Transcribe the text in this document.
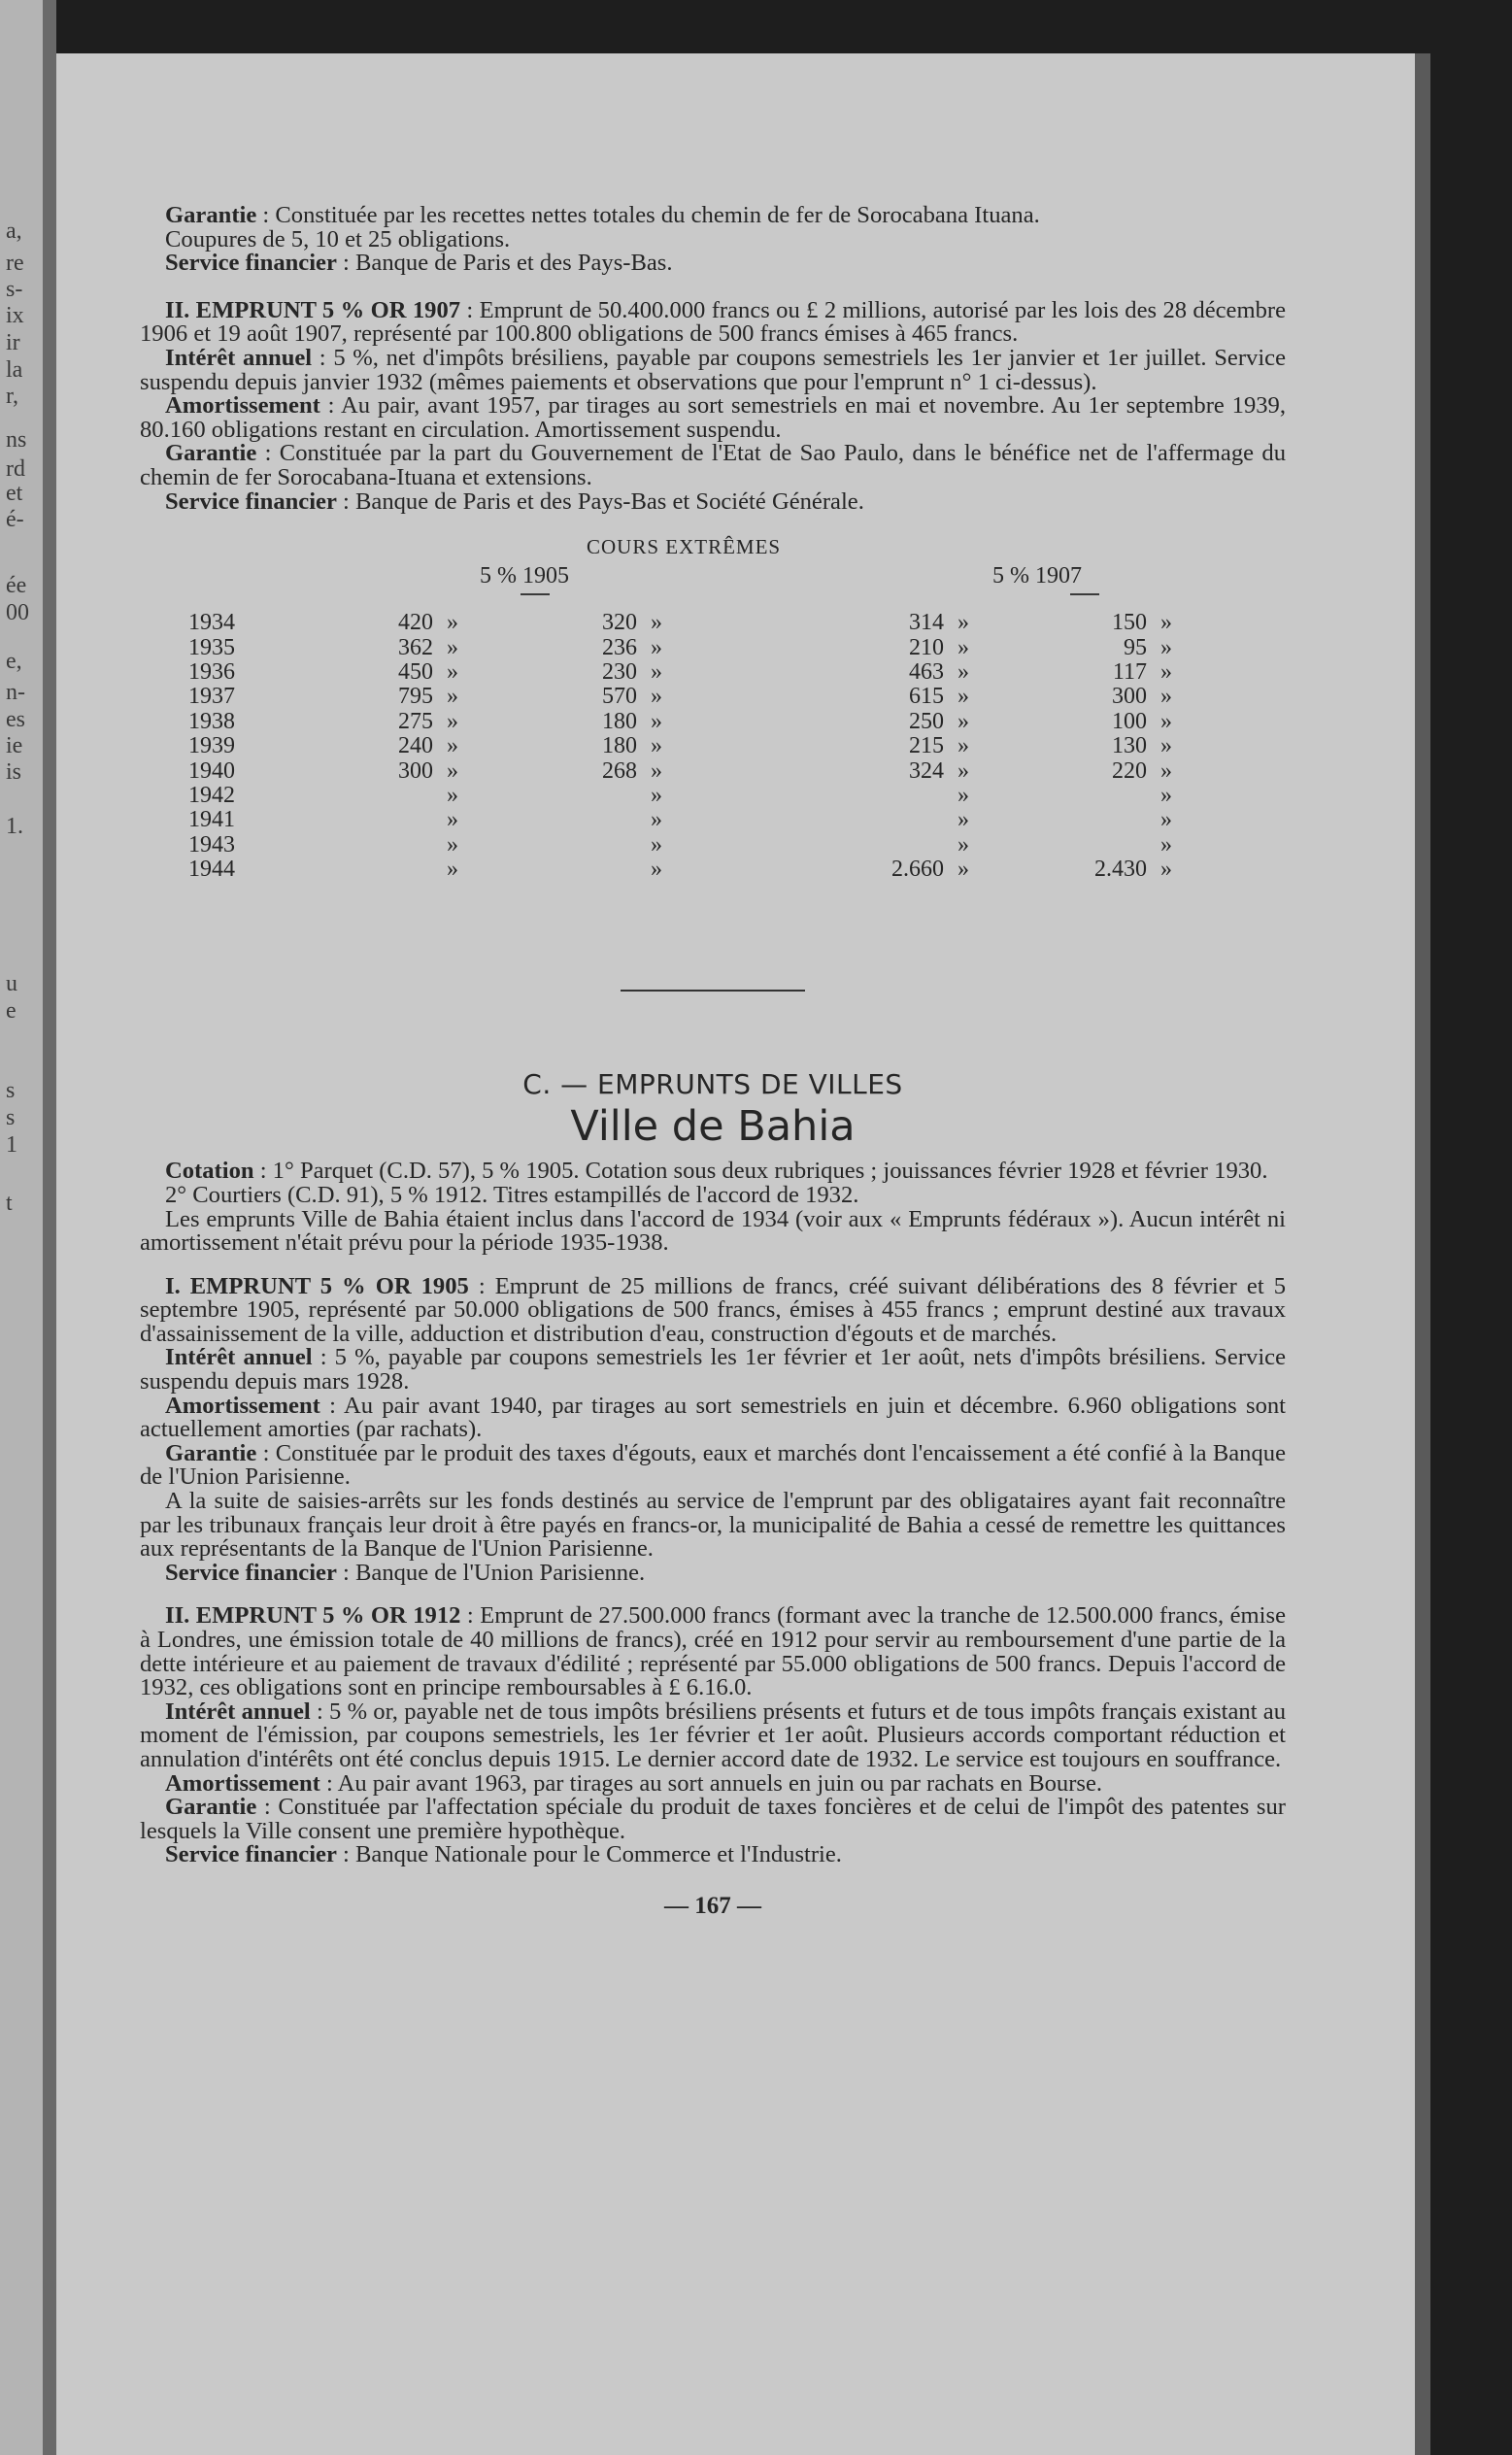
a,
re
s-
ix
ir
la
r,
ns
rd
et
é-
ée
00
e,
n-
es
ie
is
1.
u
e
s
s
1
t

Garantie : Constituée par les recettes nettes totales du chemin de fer de Sorocabana Ituana.

Coupures de 5, 10 et 25 obligations.

Service financier : Banque de Paris et des Pays-Bas.

II. EMPRUNT 5 % OR 1907 : Emprunt de 50.400.000 francs ou £ 2 millions, autorisé par les lois des 28 décembre 1906 et 19 août 1907, représenté par 100.800 obligations de 500 francs émises à 465 francs.

Intérêt annuel : 5 %, net d'impôts brésiliens, payable par coupons semestriels les 1er janvier et 1er juillet. Service suspendu depuis janvier 1932 (mêmes paiements et observations que pour l'emprunt n° 1 ci-dessus).

Amortissement : Au pair, avant 1957, par tirages au sort semestriels en mai et novembre. Au 1er septembre 1939, 80.160 obligations restant en circulation. Amortissement suspendu.

Garantie : Constituée par la part du Gouvernement de l'Etat de Sao Paulo, dans le bénéfice net de l'affermage du chemin de fer Sorocabana-Ituana et extensions.

Service financier : Banque de Paris et des Pays-Bas et Société Générale.

COURS EXTRÊMES
5 % 1905	5 % 1907
1934	420 »	320 »	314 »	150 »
1935	362 »	236 »	210 »	95 »
1936	450 »	230 »	463 »	117 »
1937	795 »	570 »	615 »	300 »
1938	275 »	180 »	250 »	100 »
1939	240 »	180 »	215 »	130 »
1940	300 »	268 »	324 »	220 »
1942	»	»	»	»
1941	»	»	»	»
1943	»	»	»	»
1944	»	»	2.660 »	2.430 »
C. — EMPRUNTS DE VILLES
Ville de Bahia

Cotation : 1° Parquet (C.D. 57), 5 % 1905. Cotation sous deux rubriques ; jouissances février 1928 et février 1930.

2° Courtiers (C.D. 91), 5 % 1912. Titres estampillés de l'accord de 1932.

Les emprunts Ville de Bahia étaient inclus dans l'accord de 1934 (voir aux « Emprunts fédéraux »). Aucun intérêt ni amortissement n'était prévu pour la période 1935-1938.

I. EMPRUNT 5 % OR 1905 : Emprunt de 25 millions de francs, créé suivant délibérations des 8 février et 5 septembre 1905, représenté par 50.000 obligations de 500 francs, émises à 455 francs ; emprunt destiné aux travaux d'assainissement de la ville, adduction et distribution d'eau, construction d'égouts et de marchés.

Intérêt annuel : 5 %, payable par coupons semestriels les 1er février et 1er août, nets d'impôts brésiliens. Service suspendu depuis mars 1928.

Amortissement : Au pair avant 1940, par tirages au sort semestriels en juin et décembre. 6.960 obligations sont actuellement amorties (par rachats).

Garantie : Constituée par le produit des taxes d'égouts, eaux et marchés dont l'encaissement a été confié à la Banque de l'Union Parisienne.

A la suite de saisies-arrêts sur les fonds destinés au service de l'emprunt par des obligataires ayant fait reconnaître par les tribunaux français leur droit à être payés en francs-or, la municipalité de Bahia a cessé de remettre les quittances aux représentants de la Banque de l'Union Parisienne.

Service financier : Banque de l'Union Parisienne.

II. EMPRUNT 5 % OR 1912 : Emprunt de 27.500.000 francs (formant avec la tranche de 12.500.000 francs, émise à Londres, une émission totale de 40 millions de francs), créé en 1912 pour servir au remboursement d'une partie de la dette intérieure et au paiement de travaux d'édilité ; représenté par 55.000 obligations de 500 francs. Depuis l'accord de 1932, ces obligations sont en principe remboursables à £ 6.16.0.

Intérêt annuel : 5 % or, payable net de tous impôts brésiliens présents et futurs et de tous impôts français existant au moment de l'émission, par coupons semestriels, les 1er février et 1er août. Plusieurs accords comportant réduction et annulation d'intérêts ont été conclus depuis 1915. Le dernier accord date de 1932. Le service est toujours en souffrance.

Amortissement : Au pair avant 1963, par tirages au sort annuels en juin ou par rachats en Bourse.

Garantie : Constituée par l'affectation spéciale du produit de taxes foncières et de celui de l'impôt des patentes sur lesquels la Ville consent une première hypothèque.

Service financier : Banque Nationale pour le Commerce et l'Industrie.

— 167 —
